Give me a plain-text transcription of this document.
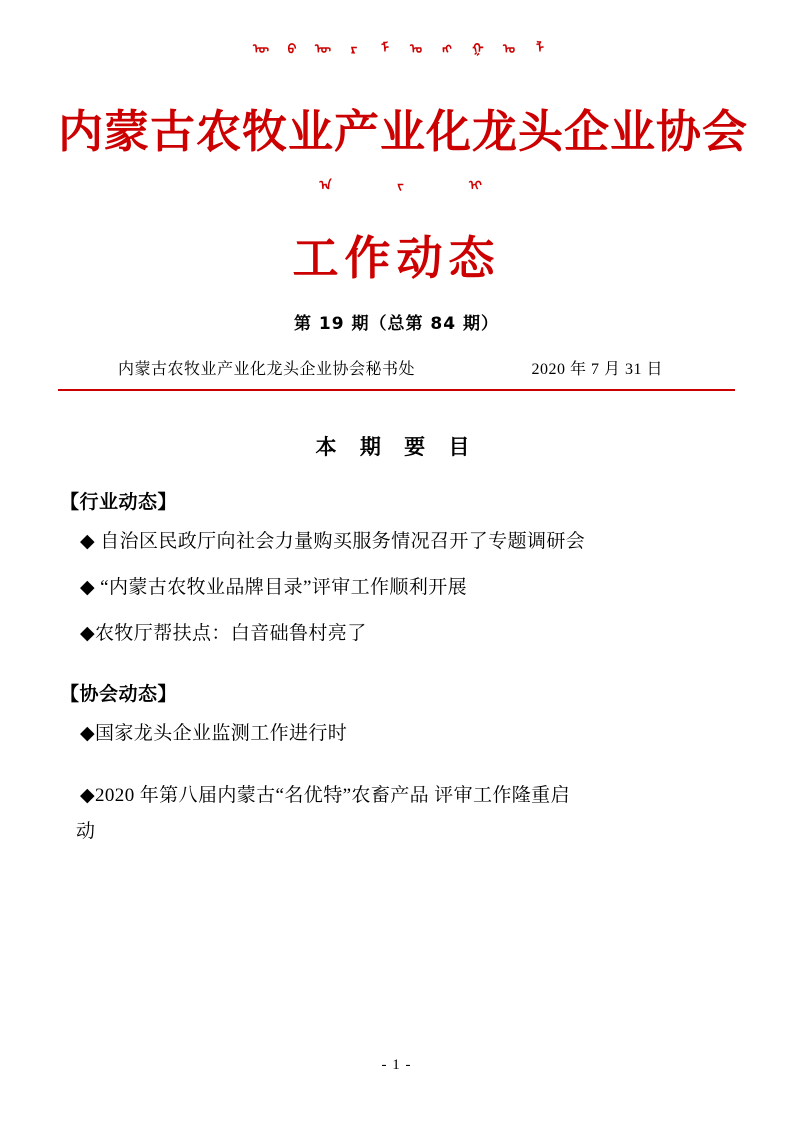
ᠦ ᠪ ᠦ ᠷ ᠮ ᠣ ᠩ ᠭ ᠣ ᠯ
内蒙古农牧业产业化龙头企业协会
ᠠ	ᠵ	ᠢ
工作动态
第 19 期（总第 84 期）
内蒙古农牧业产业化龙头企业协会秘书处	2020 年 7 月 31 日
本 期 要 目
【行业动态】
◆ 自治区民政厅向社会力量购买服务情况召开了专题调研会
◆ “内蒙古农牧业品牌目录”评审工作顺利开展
◆农牧厅帮扶点：白音础鲁村亮了
【协会动态】
◆国家龙头企业监测工作进行时
◆2020 年第八届内蒙古“名优特”农畜产品 评审工作隆重启
动
- 1 -
